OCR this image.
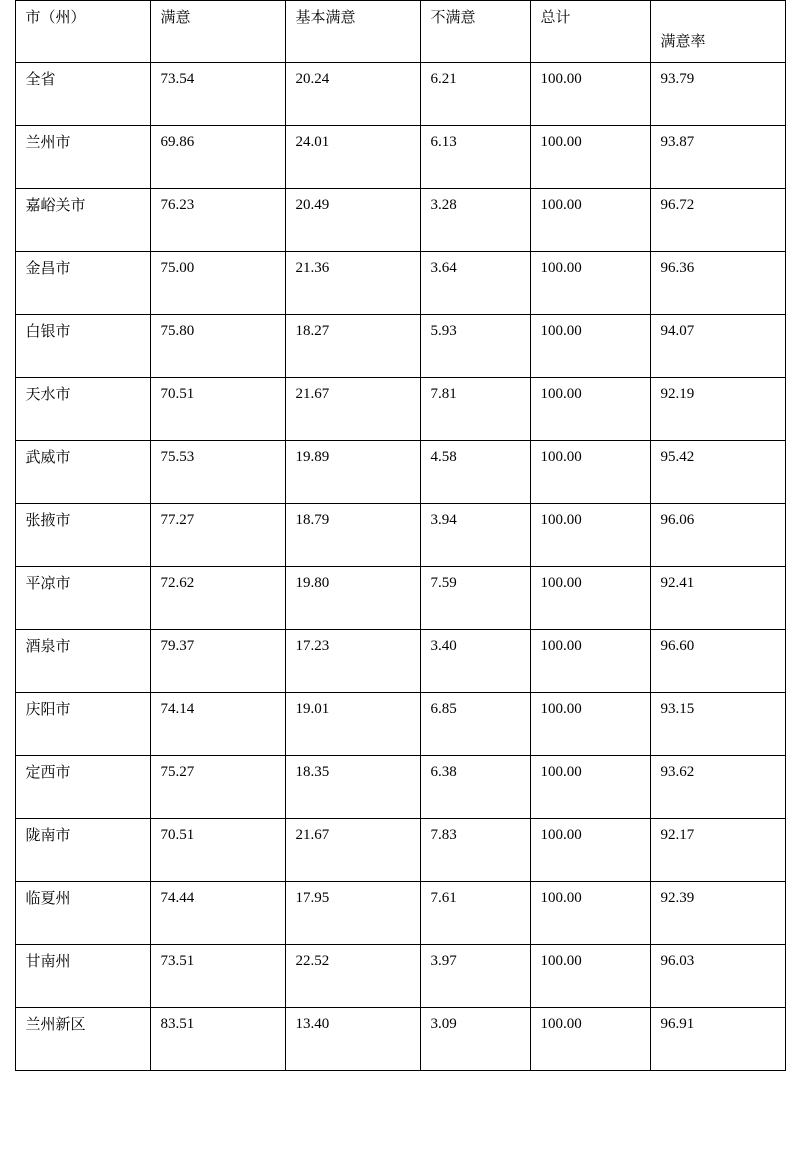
市（州）	满意	基本满意	不满意	总计	满意率
全省	73.54	20.24	6.21	100.00	93.79
兰州市	69.86	24.01	6.13	100.00	93.87
嘉峪关市	76.23	20.49	3.28	100.00	96.72
金昌市	75.00	21.36	3.64	100.00	96.36
白银市	75.80	18.27	5.93	100.00	94.07
天水市	70.51	21.67	7.81	100.00	92.19
武威市	75.53	19.89	4.58	100.00	95.42
张掖市	77.27	18.79	3.94	100.00	96.06
平凉市	72.62	19.80	7.59	100.00	92.41
酒泉市	79.37	17.23	3.40	100.00	96.60
庆阳市	74.14	19.01	6.85	100.00	93.15
定西市	75.27	18.35	6.38	100.00	93.62
陇南市	70.51	21.67	7.83	100.00	92.17
临夏州	74.44	17.95	7.61	100.00	92.39
甘南州	73.51	22.52	3.97	100.00	96.03
兰州新区	83.51	13.40	3.09	100.00	96.91
